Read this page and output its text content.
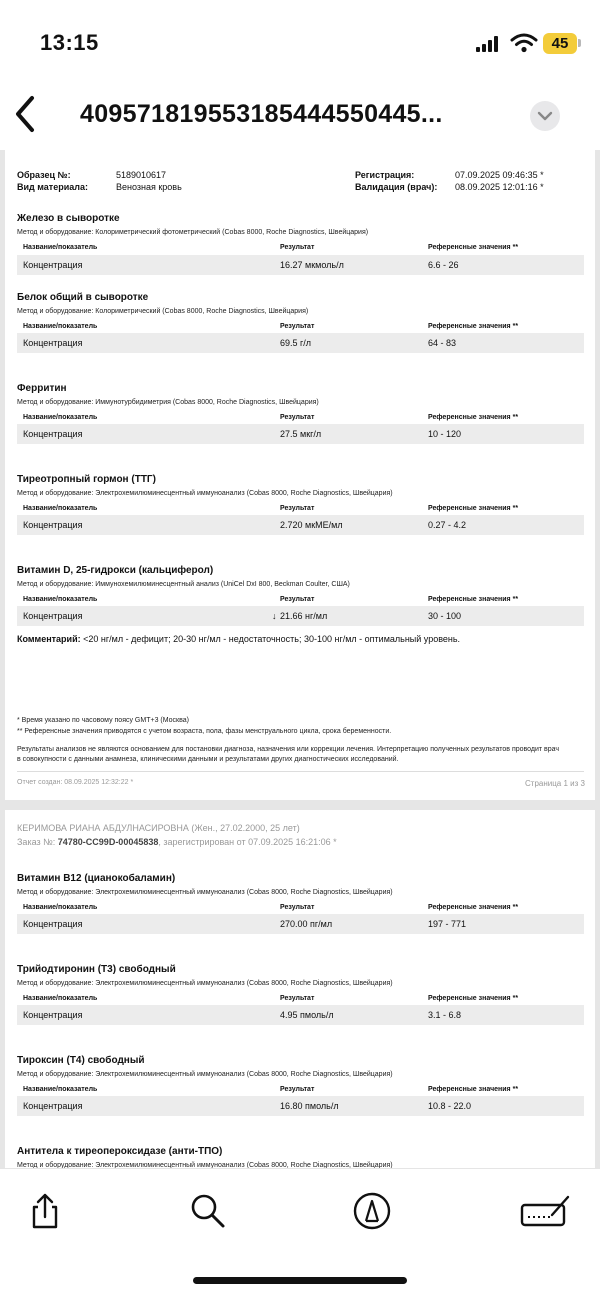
13:15	45
409571819553185444550445...
Образец №:	5189010617
Вид материала:	Венозная кровь
Регистрация:	07.09.2025 09:46:35 *
Валидация (врач): 08.09.2025 12:01:16 *
Железо в сыворотке
Метод и оборудование: Колориметрический фотометрический (Cobas 8000, Roche Diagnostics, Швейцария)
Название/показатель	Результат	Референсные значения **
Концентрация	16.27 мкмоль/л	6.6 - 26
Белок общий в сыворотке
Метод и оборудование: Колориметрический (Cobas 8000, Roche Diagnostics, Швейцария)
Название/показатель	Результат	Референсные значения **
Концентрация	69.5 г/л	64 - 83
Ферритин
Метод и оборудование: Иммунотурбидиметрия (Cobas 8000, Roche Diagnostics, Швейцария)
Название/показатель	Результат	Референсные значения **
Концентрация	27.5 мкг/л	10 - 120
Тиреотропный гормон (ТТГ)
Метод и оборудование: Электрохемилюминесцентный иммуноанализ (Cobas 8000, Roche Diagnostics, Швейцария)
Название/показатель	Результат	Референсные значения **
Концентрация	2.720 мкМЕ/мл	0.27 - 4.2
Витамин D, 25-гидрокси (кальциферол)
Метод и оборудование: Иммунохемилюминесцентный анализ (UniCel DxI 800, Beckman Coulter, США)
Название/показатель	Результат	Референсные значения **
Концентрация	↓ 21.66 нг/мл	30 - 100
Комментарий: <20 нг/мл - дефицит; 20-30 нг/мл - недостаточность; 30-100 нг/мл - оптимальный уровень.
* Время указано по часовому поясу GMT+3 (Москва)
** Референсные значения приводятся с учетом возраста, пола, фазы менструального цикла, срока беременности.
Результаты анализов не являются основанием для постановки диагноза, назначения или коррекции лечения. Интерпретацию полученных результатов проводит врач
в совокупности с данными анамнеза, клиническими данными и результатами других диагностических исследований.
Отчет создан: 08.09.2025 12:32:22 *	Страница 1 из 3
КЕРИМОВА РИАНА АБДУЛНАСИРОВНА (Жен., 27.02.2000, 25 лет)
Заказ №: 74780-CC99D-00045838, зарегистрирован от 07.09.2025 16:21:06 *
Витамин B12 (цианокобаламин)
Метод и оборудование: Электрохемилюминесцентный иммуноанализ (Cobas 8000, Roche Diagnostics, Швейцария)
Название/показатель	Результат	Референсные значения **
Концентрация	270.00 пг/мл	197 - 771
Трийодтиронин (Т3) свободный
Метод и оборудование: Электрохемилюминесцентный иммуноанализ (Cobas 8000, Roche Diagnostics, Швейцария)
Название/показатель	Результат	Референсные значения **
Концентрация	4.95 пмоль/л	3.1 - 6.8
Тироксин (Т4) свободный
Метод и оборудование: Электрохемилюминесцентный иммуноанализ (Cobas 8000, Roche Diagnostics, Швейцария)
Название/показатель	Результат	Референсные значения **
Концентрация	16.80 пмоль/л	10.8 - 22.0
Антитела к тиреопероксидазе (анти-ТПО)
Метод и оборудование: Электрохемилюминесцентный иммуноанализ (Cobas 8000, Roche Diagnostics, Швейцария)
